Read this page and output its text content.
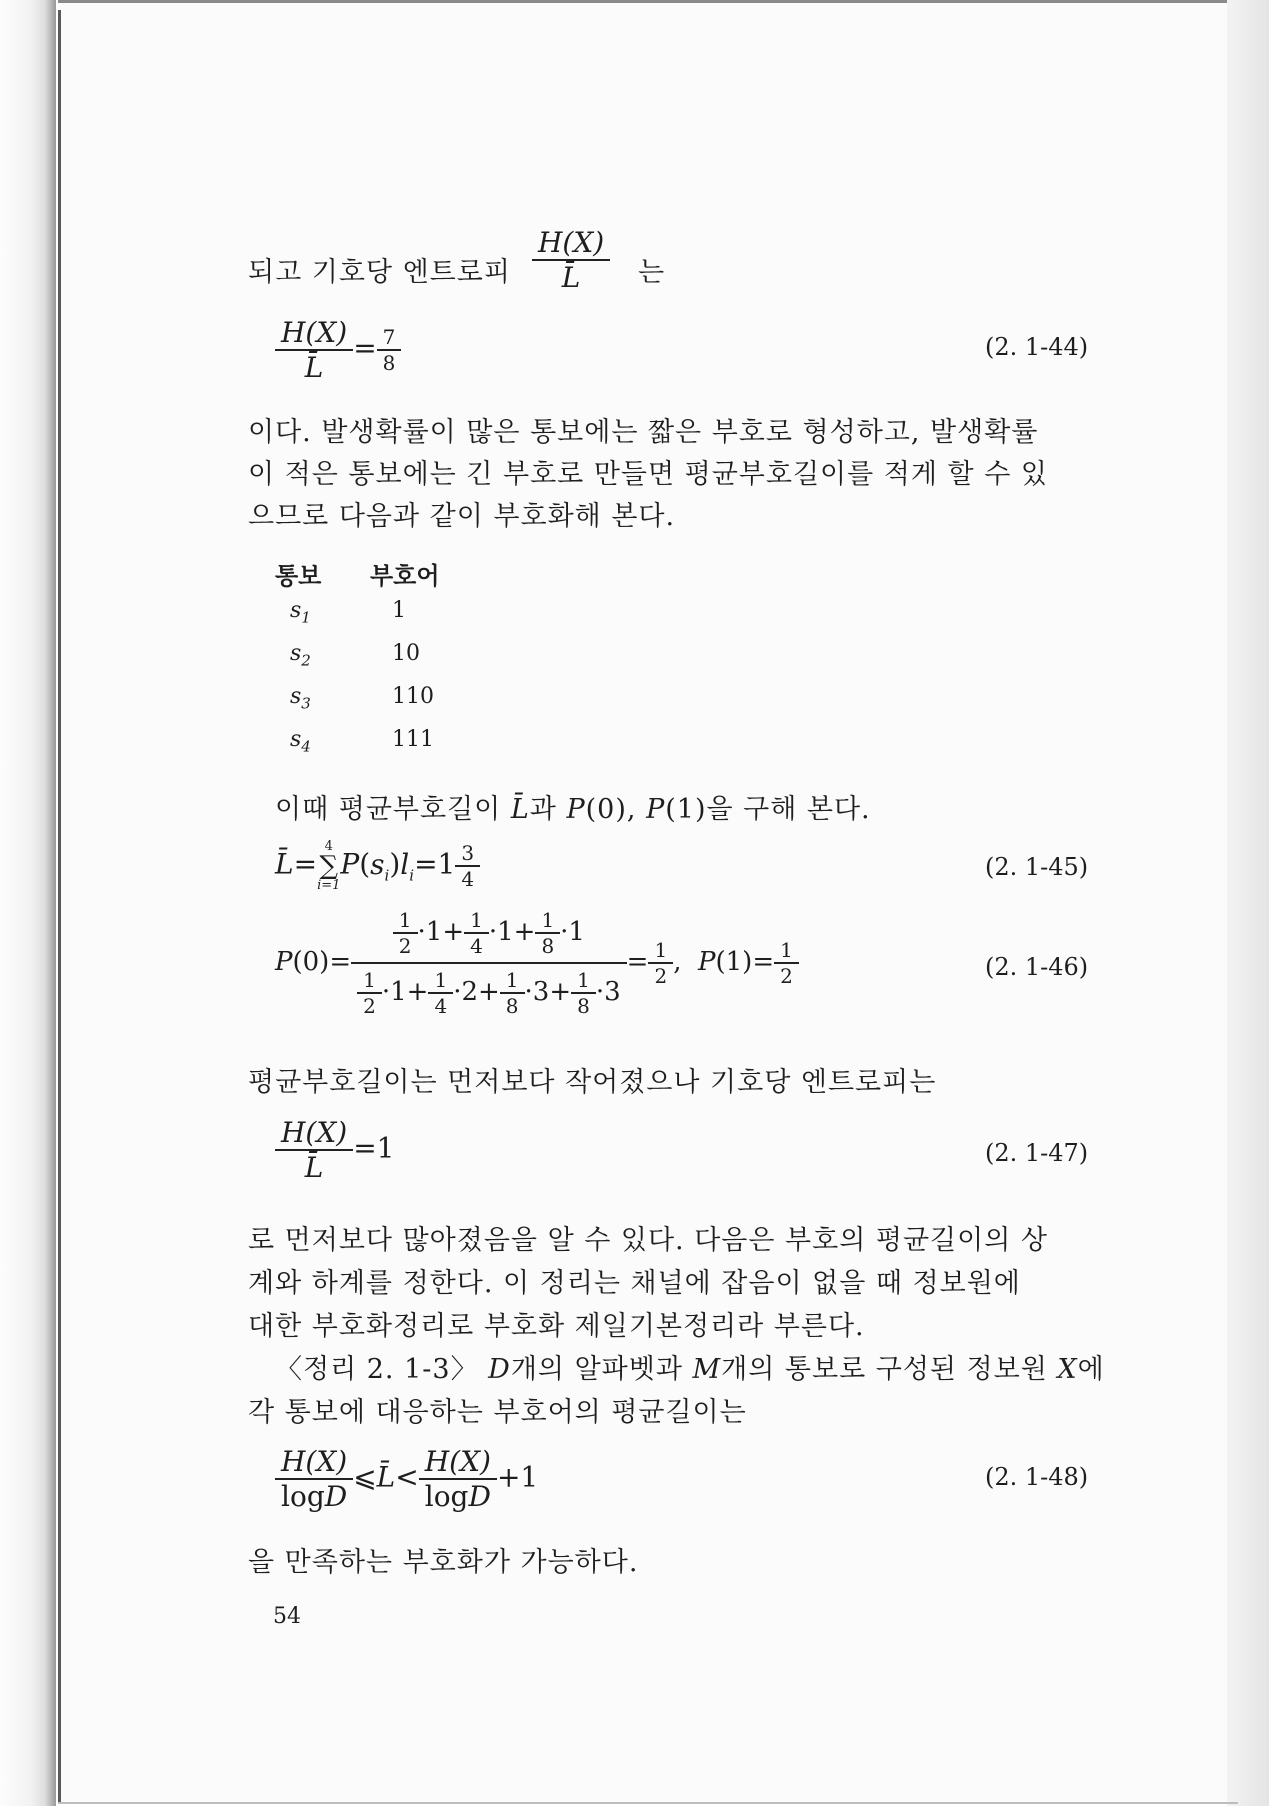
되고 기호당 엔트로피 $\frac{H(X)}{L̄}$ 는
$\frac{H(X)}{L̄} = \frac{7}{8}$	(2. 1-44)
이다. 발생확률이 많은 통보에는 짧은 부호로 형성하고, 발생확률
이 적은 통보에는 긴 부호로 만들면 평균부호길이를 적게 할 수 있
으므로 다음과 같이 부호화해 본다.
통보 부호어
$s_1$	1
$s_2$	10
$s_3$	110
$s_4$	111
이때 평균부호길이 L̄과 P(0), P(1)을 구해 본다.
L̄=
4
∑
i=1
$P(s_i)l_i=1 \frac{3}{4}$	(2. 1-45)
$P(0)= \frac{\frac{1}{2} \cdot 1+ \frac{1}{4} \cdot 1+ \frac{1}{8} \cdot 1}{\frac{1}{2} \cdot 1+ \frac{1}{4} \cdot 2+ \frac{1}{8} \cdot 3+ \frac{1}{8} \cdot 3} = \frac{1}{2}$ ,  $P(1)= \frac{1}{2}$	(2. 1-46)
평균부호길이는 먼저보다 작어졌으나 기호당 엔트로피는
$\frac{H(X)}{L̄} =1$	(2. 1-47)
로 먼저보다 많아졌음을 알 수 있다. 다음은 부호의 평균길이의 상
계와 하계를 정한다. 이 정리는 채널에 잡음이 없을 때 정보원에
대한 부호화정리로 부호화 제일기본정리라 부른다.
〈정리 2. 1-3〉 D개의 알파벳과 M개의 통보로 구성된 정보원 X에
각 통보에 대응하는 부호어의 평균길이는
$\frac{H(X)}{\log D}$ ⩽L̄< $\frac{H(X)}{\log D} +1$	(2. 1-48)
을 만족하는 부호화가 가능하다.
54
